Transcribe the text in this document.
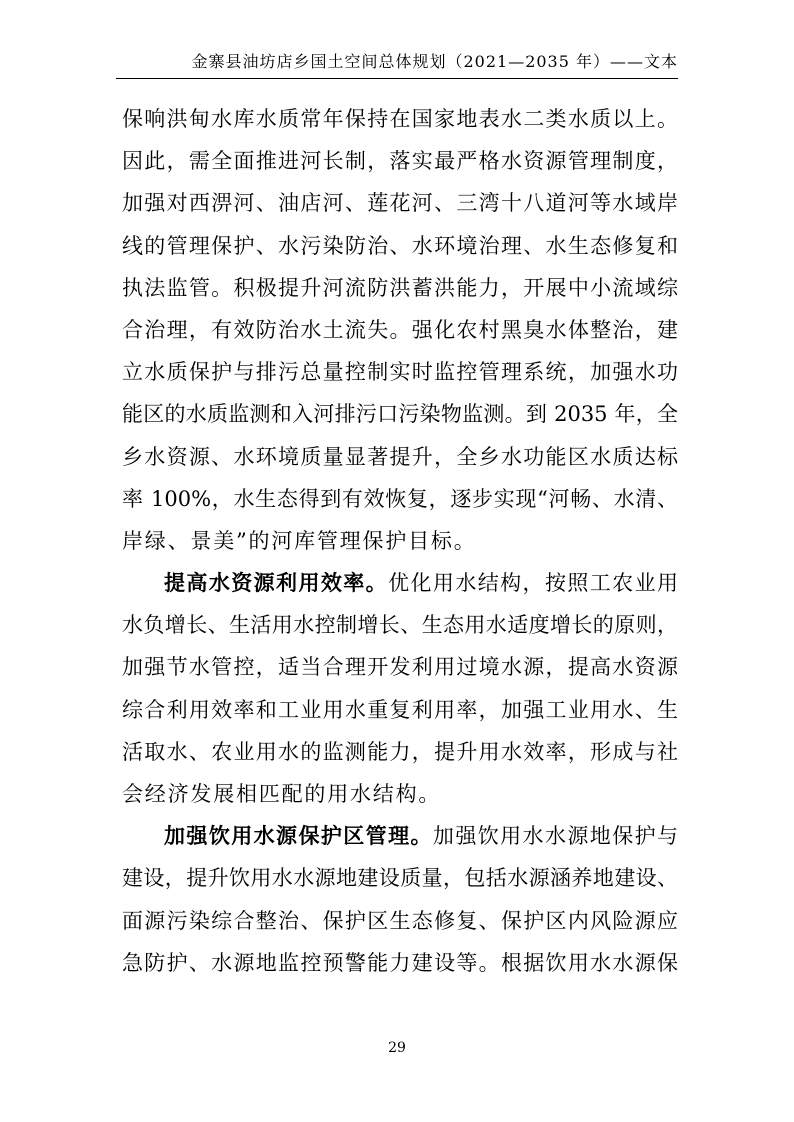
金寨县油坊店乡国土空间总体规划（2021—2035 年）——文本
保响洪甸水库水质常年保持在国家地表水二类水质以上。
因此，需全面推进河长制，落实最严格水资源管理制度，
加强对西淠河、油店河、莲花河、三湾十八道河等水域岸
线的管理保护、水污染防治、水环境治理、水生态修复和
执法监管。积极提升河流防洪蓄洪能力，开展中小流域综
合治理，有效防治水土流失。强化农村黑臭水体整治，建
立水质保护与排污总量控制实时监控管理系统，加强水功
能区的水质监测和入河排污口污染物监测。到 2035 年，全
乡水资源、水环境质量显著提升，全乡水功能区水质达标
率 100%，水生态得到有效恢复，逐步实现“河畅、水清、
岸绿、景美”的河库管理保护目标。
提高水资源利用效率。优化用水结构，按照工农业用
水负增长、生活用水控制增长、生态用水适度增长的原则，
加强节水管控，适当合理开发利用过境水源，提高水资源
综合利用效率和工业用水重复利用率，加强工业用水、生
活取水、农业用水的监测能力，提升用水效率，形成与社
会经济发展相匹配的用水结构。
加强饮用水源保护区管理。加强饮用水水源地保护与
建设，提升饮用水水源地建设质量，包括水源涵养地建设、
面源污染综合整治、保护区生态修复、保护区内风险源应
急防护、水源地监控预警能力建设等。根据饮用水水源保
29
